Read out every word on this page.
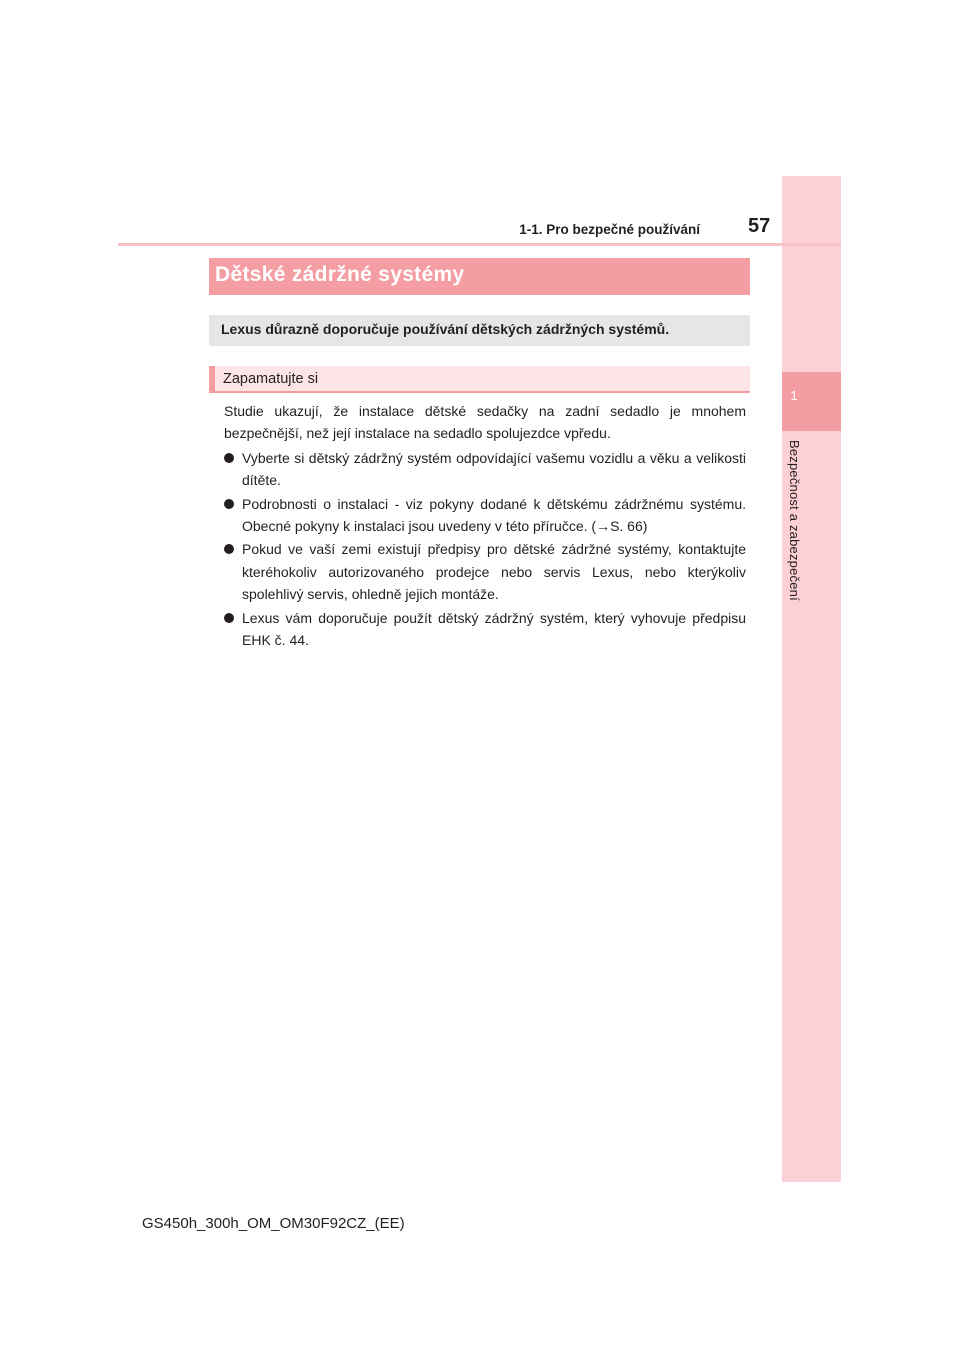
1
Bezpečnost a zabezpečení
1-1. Pro bezpečné používání 57
Dětské zádržné systémy
Lexus důrazně doporučuje používání dětských zádržných systémů.
Zapamatujte si

Studie ukazují, že instalace dětské sedačky na zadní sedadlo je mnohem bezpečnější, než její instalace na sedadlo spolujezdce vpředu.

Vyberte si dětský zádržný systém odpovídající vašemu vozidlu a věku a velikosti dítěte.
Podrobnosti o instalaci - viz pokyny dodané k dětskému zádržnému systému. Obecné pokyny k instalaci jsou uvedeny v této příručce. (→S. 66)
Pokud ve vaší zemi existují předpisy pro dětské zádržné systémy, kontaktujte kteréhokoliv autorizovaného prodejce nebo servis Lexus, nebo kterýkoliv spolehlivý servis, ohledně jejich montáže.
Lexus vám doporučuje použít dětský zádržný systém, který vyhovuje předpisu EHK č. 44.
GS450h_300h_OM_OM30F92CZ_(EE)
